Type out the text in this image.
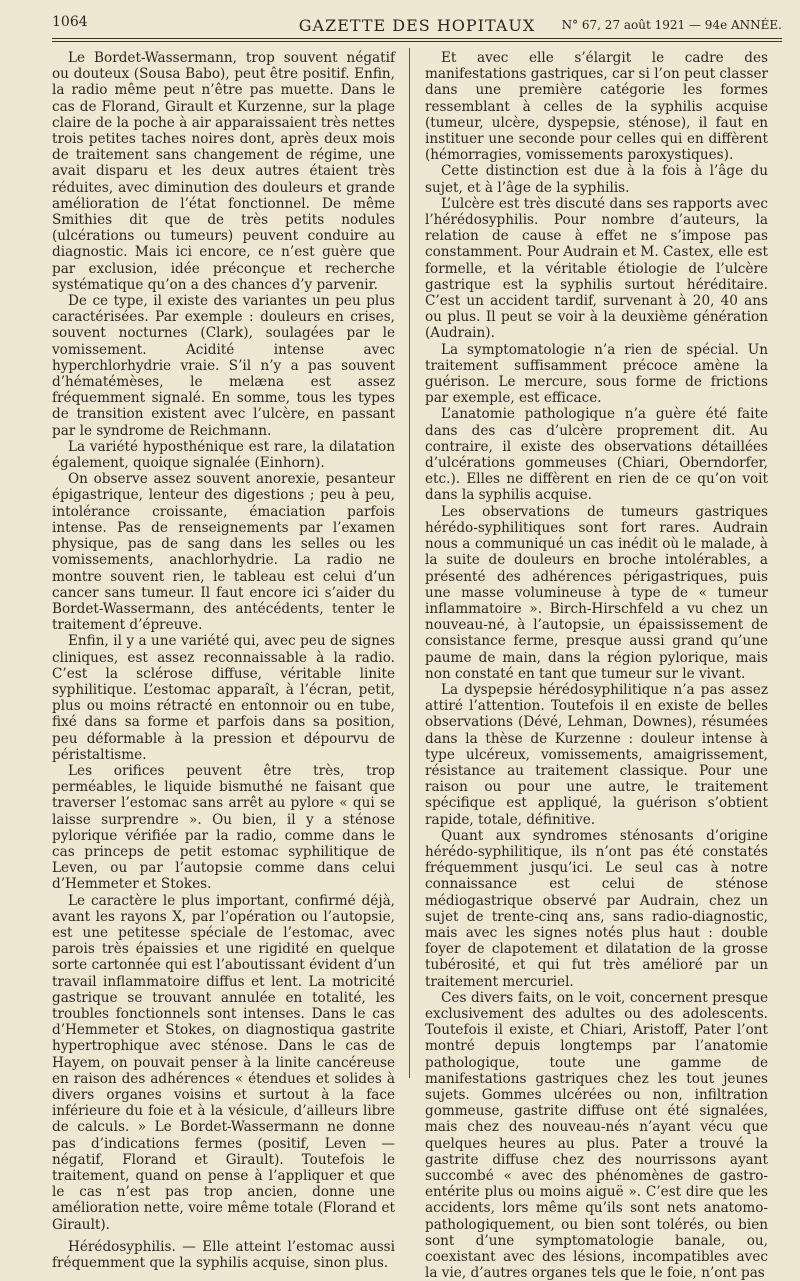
1064	GAZETTE DES HOPITAUX	N° 67, 27 août 1921 — 94e ANNÉE.

Le Bordet-Wassermann, trop souvent négatif ou douteux (Sousa Babo), peut être positif. Enfin, la radio même peut n’être pas muette. Dans le cas de Florand, Girault et Kurzenne, sur la plage claire de la poche à air apparaissaient très nettes trois petites taches noires dont, après deux mois de traitement sans changement de régime, une avait disparu et les deux autres étaient très réduites, avec diminution des douleurs et grande amélioration de l’état fonctionnel. De même Smithies dit que de très petits nodules (ulcérations ou tumeurs) peuvent conduire au diagnostic. Mais ici encore, ce n’est guère que par exclusion, idée préconçue et recherche systématique qu’on a des chances d’y parvenir.

De ce type, il existe des variantes un peu plus caractérisées. Par exemple : douleurs en crises, souvent nocturnes (Clark), soulagées par le vomissement. Acidité intense avec hyperchlorhydrie vraie. S’il n’y a pas souvent d’hématémèses, le melæna est assez fréquemment signalé. En somme, tous les types de transition existent avec l’ulcère, en passant par le syndrome de Reichmann.

La variété hyposthénique est rare, la dilatation également, quoique signalée (Einhorn).

On observe assez souvent anorexie, pesanteur épigastrique, lenteur des digestions ; peu à peu, intolérance croissante, émaciation parfois intense. Pas de renseignements par l’examen physique, pas de sang dans les selles ou les vomissements, anachlorhydrie. La radio ne montre souvent rien, le tableau est celui d’un cancer sans tumeur. Il faut encore ici s’aider du Bordet-Wassermann, des antécédents, tenter le traitement d’épreuve.

Enfin, il y a une variété qui, avec peu de signes cliniques, est assez reconnaissable à la radio. C’est la sclérose diffuse, véritable linite syphilitique. L’estomac apparaît, à l’écran, petit, plus ou moins rétracté en entonnoir ou en tube, fixé dans sa forme et parfois dans sa position, peu déformable à la pression et dépourvu de péristaltisme.

Les orifices peuvent être très, trop perméables, le liquide bismuthé ne faisant que traverser l’estomac sans arrêt au pylore « qui se laisse surprendre ». Ou bien, il y a sténose pylorique vérifiée par la radio, comme dans le cas princeps de petit estomac syphilitique de Leven, ou par l’autopsie comme dans celui d’Hemmeter et Stokes.

Le caractère le plus important, confirmé déjà, avant les rayons X, par l’opération ou l’autopsie, est une petitesse spéciale de l’estomac, avec parois très épaissies et une rigidité en quelque sorte cartonnée qui est l’aboutissant évident d’un travail inflammatoire diffus et lent. La motricité gastrique se trouvant annulée en totalité, les troubles fonctionnels sont intenses. Dans le cas d’Hemmeter et Stokes, on diagnostiqua gastrite hypertrophique avec sténose. Dans le cas de Hayem, on pouvait penser à la linite cancéreuse en raison des adhérences « étendues et solides à divers organes voisins et surtout à la face inférieure du foie et à la vésicule, d’ailleurs libre de calculs. » Le Bordet-Wassermann ne donne pas d’indications fermes (positif, Leven — négatif, Florand et Girault). Toutefois le traitement, quand on pense à l’appliquer et que le cas n’est pas trop ancien, donne une amélioration nette, voire même totale (Florand et Girault).

Hérédosyphilis. — Elle atteint l’estomac aussi fréquemment que la syphilis acquise, sinon plus.

Et avec elle s’élargit le cadre des manifestations gastriques, car si l’on peut classer dans une première catégorie les formes ressemblant à celles de la syphilis acquise (tumeur, ulcère, dyspepsie, sténose), il faut en instituer une seconde pour celles qui en diffèrent (hémorragies, vomissements paroxystiques).

Cette distinction est due à la fois à l’âge du sujet, et à l’âge de la syphilis.

L’ulcère est très discuté dans ses rapports avec l’hérédosyphilis. Pour nombre d’auteurs, la relation de cause à effet ne s’impose pas constamment. Pour Audrain et M. Castex, elle est formelle, et la véritable étiologie de l’ulcère gastrique est la syphilis surtout héréditaire. C’est un accident tardif, survenant à 20, 40 ans ou plus. Il peut se voir à la deuxième génération (Audrain).

La symptomatologie n’a rien de spécial. Un traitement suffisamment précoce amène la guérison. Le mercure, sous forme de frictions par exemple, est efficace.

L’anatomie pathologique n’a guère été faite dans des cas d’ulcère proprement dit. Au contraire, il existe des observations détaillées d’ulcérations gommeuses (Chiari, Oberndorfer, etc.). Elles ne diffèrent en rien de ce qu’on voit dans la syphilis acquise.

Les observations de tumeurs gastriques hérédo-syphilitiques sont fort rares. Audrain nous a communiqué un cas inédit où le malade, à la suite de douleurs en broche intolérables, a présenté des adhérences périgastriques, puis une masse volumineuse à type de « tumeur inflammatoire ». Birch-Hirschfeld a vu chez un nouveau-né, à l’autopsie, un épaississement de consistance ferme, presque aussi grand qu’une paume de main, dans la région pylorique, mais non constaté en tant que tumeur sur le vivant.

La dyspepsie hérédosyphilitique n’a pas assez attiré l’attention. Toutefois il en existe de belles observations (Dévé, Lehman, Downes), résumées dans la thèse de Kurzenne : douleur intense à type ulcéreux, vomissements, amaigrissement, résistance au traitement classique. Pour une raison ou pour une autre, le traitement spécifique est appliqué, la guérison s’obtient rapide, totale, définitive.

Quant aux syndromes sténosants d’origine hérédo-syphilitique, ils n’ont pas été constatés fréquemment jusqu’ici. Le seul cas à notre connaissance est celui de sténose médiogastrique observé par Audrain, chez un sujet de trente-cinq ans, sans radio-diagnostic, mais avec les signes notés plus haut : double foyer de clapotement et dilatation de la grosse tubérosité, et qui fut très amélioré par un traitement mercuriel.

Ces divers faits, on le voit, concernent presque exclusivement des adultes ou des adolescents. Toutefois il existe, et Chiari, Aristoff, Pater l’ont montré depuis longtemps par l’anatomie pathologique, toute une gamme de manifestations gastriques chez les tout jeunes sujets. Gommes ulcérées ou non, infiltration gommeuse, gastrite diffuse ont été signalées, mais chez des nouveau-nés n’ayant vécu que quelques heures au plus. Pater a trouvé la gastrite diffuse chez des nourrissons ayant succombé « avec des phénomènes de gastro-entérite plus ou moins aiguë ». C’est dire que les accidents, lors même qu’ils sont nets anatomo-pathologiquement, ou bien sont tolérés, ou bien sont d’une symptomatologie banale, ou, coexistant avec des lésions, incompatibles avec la vie, d’autres organes tels que le foie, n’ont pas
